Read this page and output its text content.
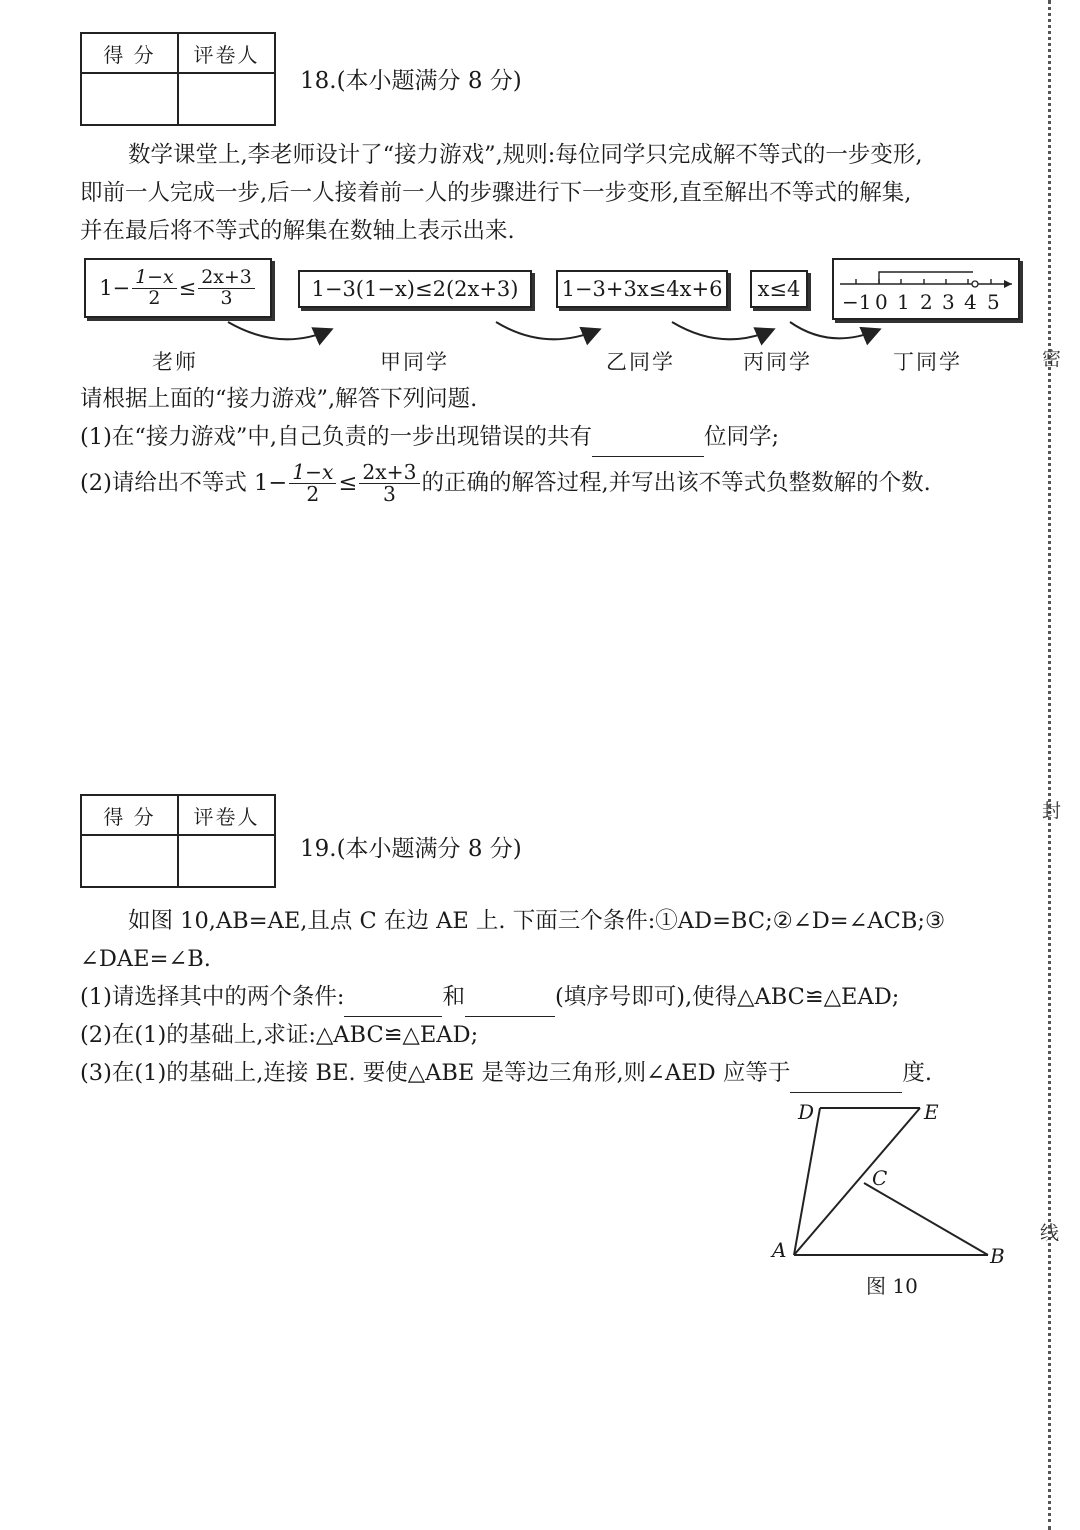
得 分	评卷人

18.(本小题满分 8 分)
数学课堂上,李老师设计了“接力游戏”,规则:每位同学只完成解不等式的一步变形,
即前一人完成一步,后一人接着前一人的步骤进行下一步变形,直至解出不等式的解集,
并在最后将不等式的解集在数轴上表示出来.
$1- \frac{1-x}{2} \le \frac{2x+3}{3}$	1−3(1−x)≤2(2x+3)	1−3+3x≤4x+6	x≤4
−1 0 1 2 3 4 5
老师	甲同学	乙同学	丙同学	丁同学
请根据上面的“接力游戏”,解答下列问题.
(1)在“接力游戏”中,自己负责的一步出现错误的共有	位同学;
(2)请给出不等式 $1- \frac{1-x}{2} \le \frac{2x+3}{3}$ 的正确的解答过程,并写出该不等式负整数解的个数.
得 分	评卷人

19.(本小题满分 8 分)
如图 10,AB=AE,且点 C 在边 AE 上. 下面三个条件:①AD=BC;②∠D=∠ACB;③
∠DAE=∠B.
(1)请选择其中的两个条件:	和	(填序号即可),使得△ABC≌△EAD;
(2)在(1)的基础上,求证:△ABC≌△EAD;
(3)在(1)的基础上,连接 BE. 要使△ABE 是等边三角形,则∠AED 应等于	度.
D	E
C
A	B
图 10
密
封
线
